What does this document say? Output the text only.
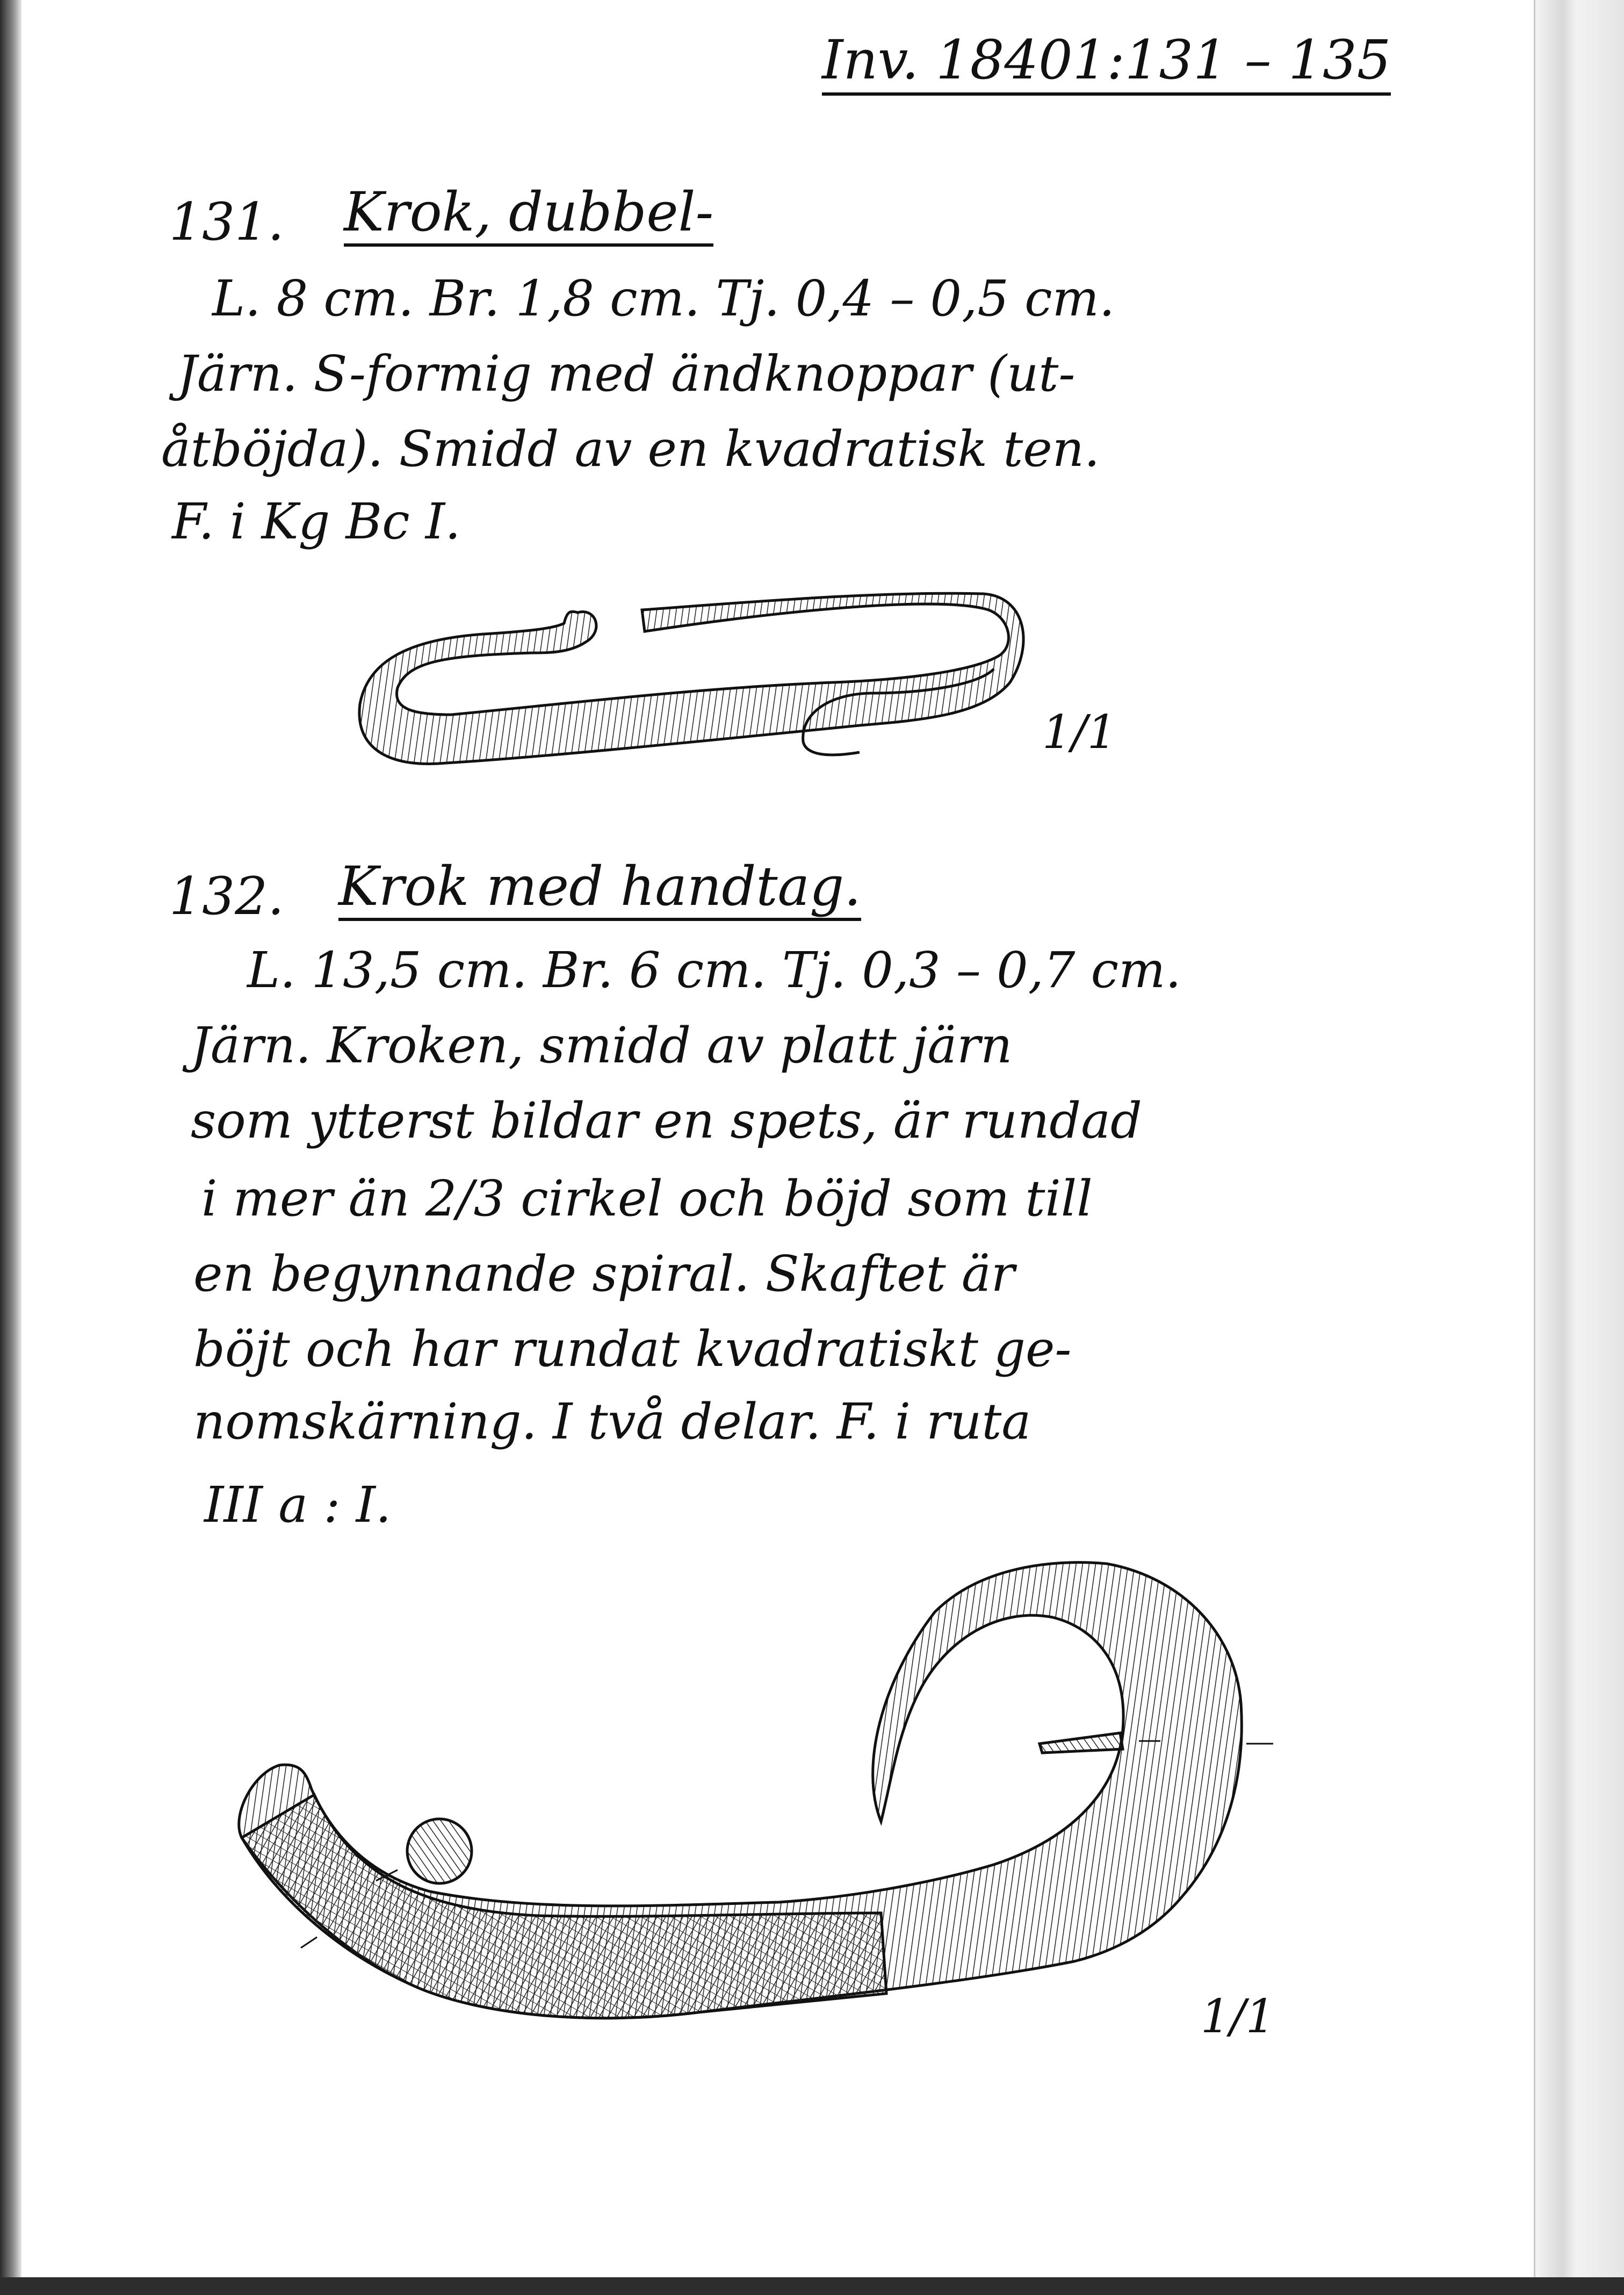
Inv. 18401:131 – 135

131. Krok, dubbel-

L. 8 cm. Br. 1,8 cm. Tj. 0,4 – 0,5 cm.

Järn. S-formig med ändknoppar (ut-

åtböjda). Smidd av en kvadratisk ten.

F. i Kg Bc I.

1/1

132. Krok med handtag.

L. 13,5 cm. Br. 6 cm. Tj. 0,3 – 0,7 cm.

Järn. Kroken, smidd av platt järn

som ytterst bildar en spets, är rundad

i mer än 2/3 cirkel och böjd som till

en begynnande spiral. Skaftet är

böjt och har rundat kvadratiskt ge-

nomskärning. I två delar. F. i ruta

III a : I.

1/1
